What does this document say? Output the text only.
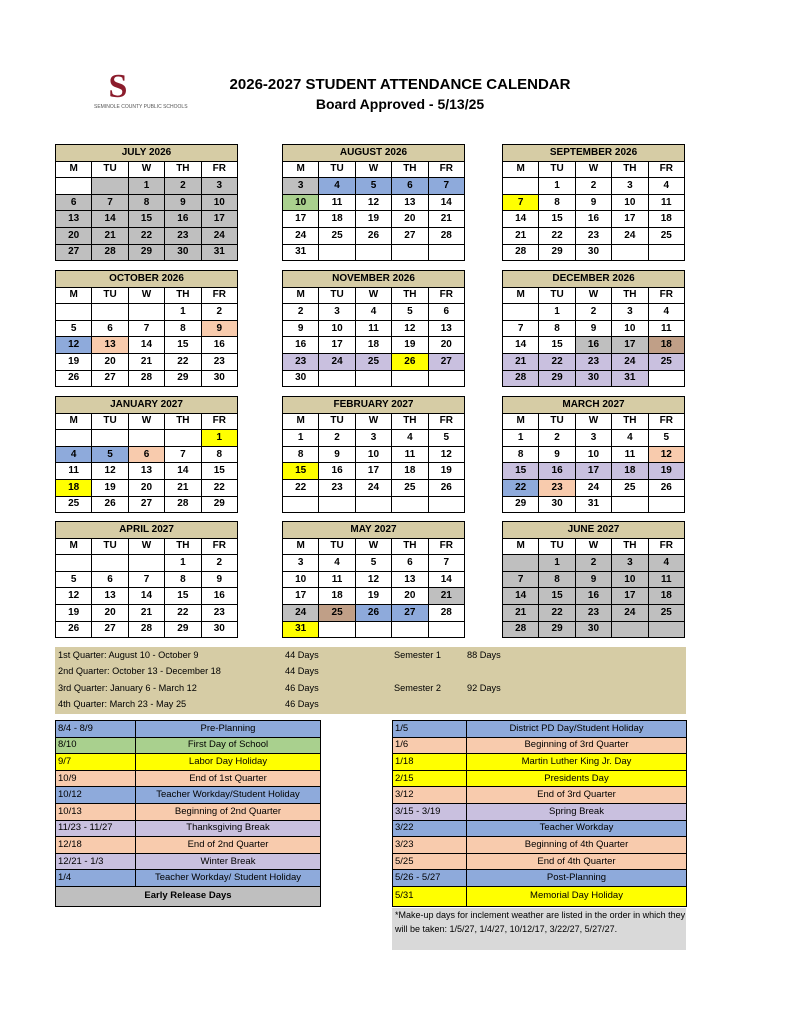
S
SEMINOLE COUNTY PUBLIC SCHOOLS
2026-2027 STUDENT ATTENDANCE CALENDAR
Board Approved - 5/13/25
JULY 2026				
M	TU	W	TH	FR
		1	2	3
6	7	8	9	10
13	14	15	16	17
20	21	22	23	24
27	28	29	30	31
AUGUST 2026				
M	TU	W	TH	FR
3	4	5	6	7
10	11	12	13	14
17	18	19	20	21
24	25	26	27	28
31				
SEPTEMBER 2026				
M	TU	W	TH	FR
	1	2	3	4
7	8	9	10	11
14	15	16	17	18
21	22	23	24	25
28	29	30		
OCTOBER 2026				
M	TU	W	TH	FR
			1	2
5	6	7	8	9
12	13	14	15	16
19	20	21	22	23
26	27	28	29	30
NOVEMBER 2026				
M	TU	W	TH	FR
2	3	4	5	6
9	10	11	12	13
16	17	18	19	20
23	24	25	26	27
30				
DECEMBER 2026				
M	TU	W	TH	FR
	1	2	3	4
7	8	9	10	11
14	15	16	17	18
21	22	23	24	25
28	29	30	31	
JANUARY 2027				
M	TU	W	TH	FR
				1
4	5	6	7	8
11	12	13	14	15
18	19	20	21	22
25	26	27	28	29
FEBRUARY 2027				
M	TU	W	TH	FR
1	2	3	4	5
8	9	10	11	12
15	16	17	18	19
22	23	24	25	26

MARCH 2027				
M	TU	W	TH	FR
1	2	3	4	5
8	9	10	11	12
15	16	17	18	19
22	23	24	25	26
29	30	31		
APRIL 2027				
M	TU	W	TH	FR
			1	2
5	6	7	8	9
12	13	14	15	16
19	20	21	22	23
26	27	28	29	30
MAY 2027				
M	TU	W	TH	FR
3	4	5	6	7
10	11	12	13	14
17	18	19	20	21
24	25	26	27	28
31				
JUNE 2027				
M	TU	W	TH	FR
	1	2	3	4
7	8	9	10	11
14	15	16	17	18
21	22	23	24	25
28	29	30		
1st Quarter: August 10 - October 9	44 Days
2nd Quarter: October 13 - December 18	44 Days
3rd Quarter: January 6 - March 12	46 Days
4th Quarter: March 23 - May 25	46 Days
Semester 1	88 Days
Semester 2	92 Days
8/4 - 8/9	Pre-Planning
8/10	First Day of School
9/7	Labor Day Holiday
10/9	End of 1st Quarter
10/12	Teacher Workday/Student Holiday
10/13	Beginning of 2nd Quarter
11/23 - 11/27	Thanksgiving Break
12/18	End of 2nd Quarter
12/21 - 1/3	Winter Break
1/4	Teacher Workday/ Student Holiday
Early Release Days	
1/5	District PD Day/Student Holiday
1/6	Beginning of 3rd Quarter
1/18	Martin Luther King Jr. Day
2/15	Presidents Day
3/12	End of 3rd Quarter
3/15 - 3/19	Spring Break
3/22	Teacher Workday
3/23	Beginning of 4th Quarter
5/25	End of 4th Quarter
5/26 - 5/27	Post-Planning
5/31	Memorial Day Holiday
*Make-up days for inclement weather are listed in the order in which they will be taken: 1/5/27, 1/4/27, 10/12/17, 3/22/27, 5/27/27.
